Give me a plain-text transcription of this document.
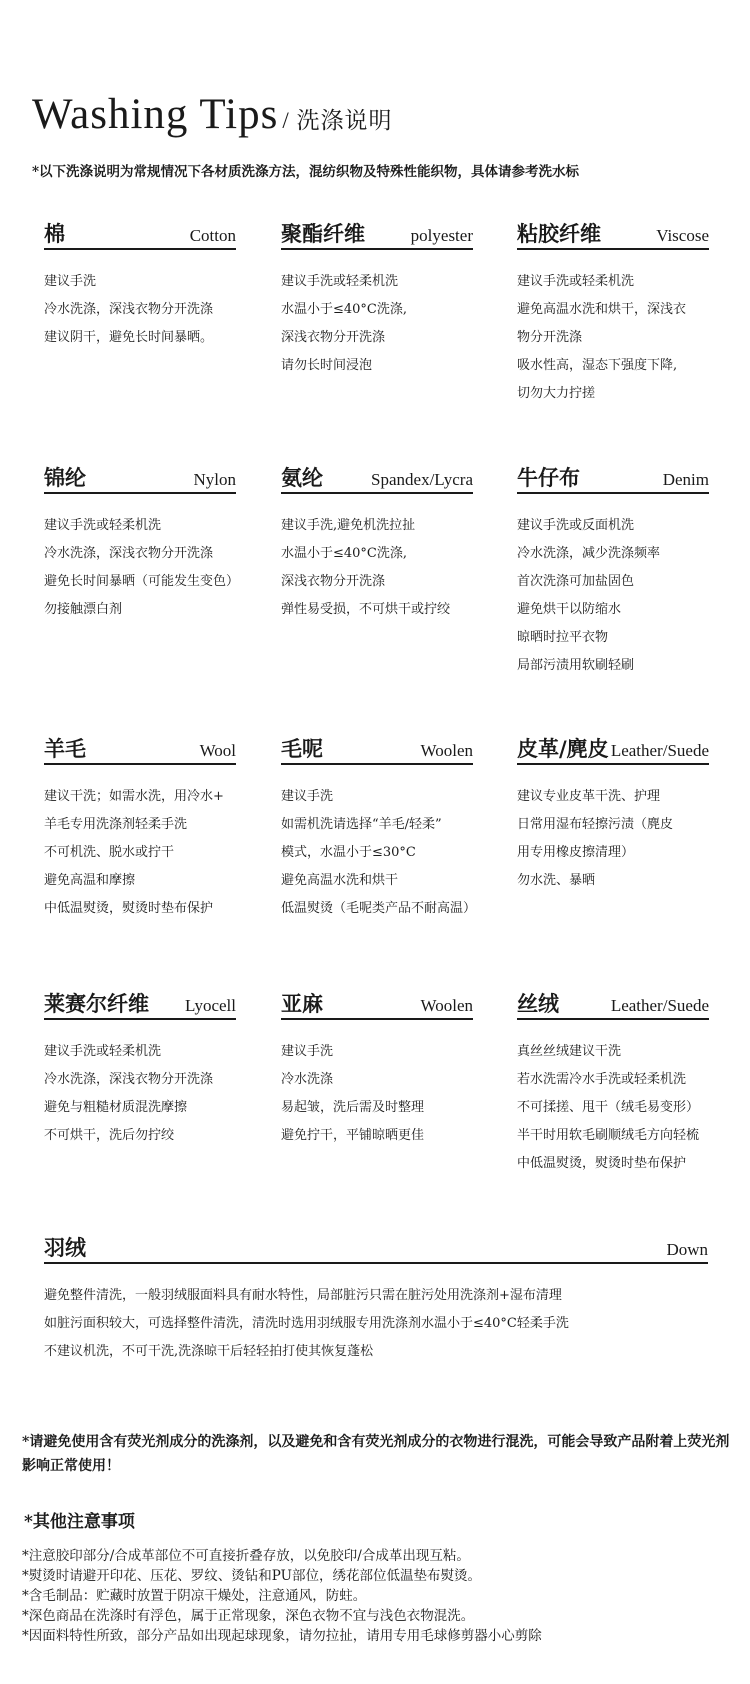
Washing Tips / 洗涤说明
*以下洗涤说明为常规情况下各材质洗涤方法，混纺织物及特殊性能织物，具体请参考洗水标
棉	Cotton
建议手洗
冷水洗涤，深浅衣物分开洗涤
建议阴干，避免长时间暴晒。
聚酯纤维	polyester
建议手洗或轻柔机洗
水温小于≤40°C洗涤,
深浅衣物分开洗涤
请勿长时间浸泡
粘胶纤维	Viscose
建议手洗或轻柔机洗
避免高温水洗和烘干，深浅衣
物分开洗涤
吸水性高，湿态下强度下降,
切勿大力拧搓
锦纶	Nylon
建议手洗或轻柔机洗
冷水洗涤，深浅衣物分开洗涤
避免长时间暴晒（可能发生变色）
勿接触漂白剂
氨纶	Spandex/Lycra
建议手洗,避免机洗拉扯
水温小于≤40°C洗涤,
深浅衣物分开洗涤
弹性易受损，不可烘干或拧绞
牛仔布	Denim
建议手洗或反面机洗
冷水洗涤，减少洗涤频率
首次洗涤可加盐固色
避免烘干以防缩水
晾晒时拉平衣物
局部污渍用软刷轻刷
羊毛	Wool
建议干洗；如需水洗，用冷水+
羊毛专用洗涤剂轻柔手洗
不可机洗、脱水或拧干
避免高温和摩擦
中低温熨烫，熨烫时垫布保护
毛呢	Woolen
建议手洗
如需机洗请选择“羊毛/轻柔”
模式，水温小于≤30°C
避免高温水洗和烘干
低温熨烫（毛呢类产品不耐高温）
皮革/麂皮 Leather/Suede
建议专业皮革干洗、护理
日常用湿布轻擦污渍（麂皮
用专用橡皮擦清理）
勿水洗、暴晒
莱赛尔纤维 Lyocell
建议手洗或轻柔机洗
冷水洗涤，深浅衣物分开洗涤
避免与粗糙材质混洗摩擦
不可烘干，洗后勿拧绞
亚麻	Woolen
建议手洗
冷水洗涤
易起皱，洗后需及时整理
避免拧干，平铺晾晒更佳
丝绒	Leather/Suede
真丝丝绒建议干洗
若水洗需冷水手洗或轻柔机洗
不可揉搓、甩干（绒毛易变形）
半干时用软毛刷顺绒毛方向轻梳
中低温熨烫，熨烫时垫布保护
羽绒	Down
避免整件清洗，一般羽绒服面料具有耐水特性，局部脏污只需在脏污处用洗涤剂+湿布清理
如脏污面积较大，可选择整件清洗，清洗时选用羽绒服专用洗涤剂水温小于≤40°C轻柔手洗
不建议机洗，不可干洗,洗涤晾干后轻轻拍打使其恢复蓬松
*请避免使用含有荧光剂成分的洗涤剂，以及避免和含有荧光剂成分的衣物进行混洗，可能会导致产品附着上荧光剂影响正常使用！
*其他注意事项
*注意胶印部分/合成革部位不可直接折叠存放，以免胶印/合成革出现互粘。
*熨烫时请避开印花、压花、罗纹、烫钻和PU部位，绣花部位低温垫布熨烫。
*含毛制品：贮藏时放置于阴凉干燥处，注意通风，防蛀。
*深色商品在洗涤时有浮色，属于正常现象，深色衣物不宜与浅色衣物混洗。
*因面料特性所致，部分产品如出现起球现象，请勿拉扯，请用专用毛球修剪器小心剪除
